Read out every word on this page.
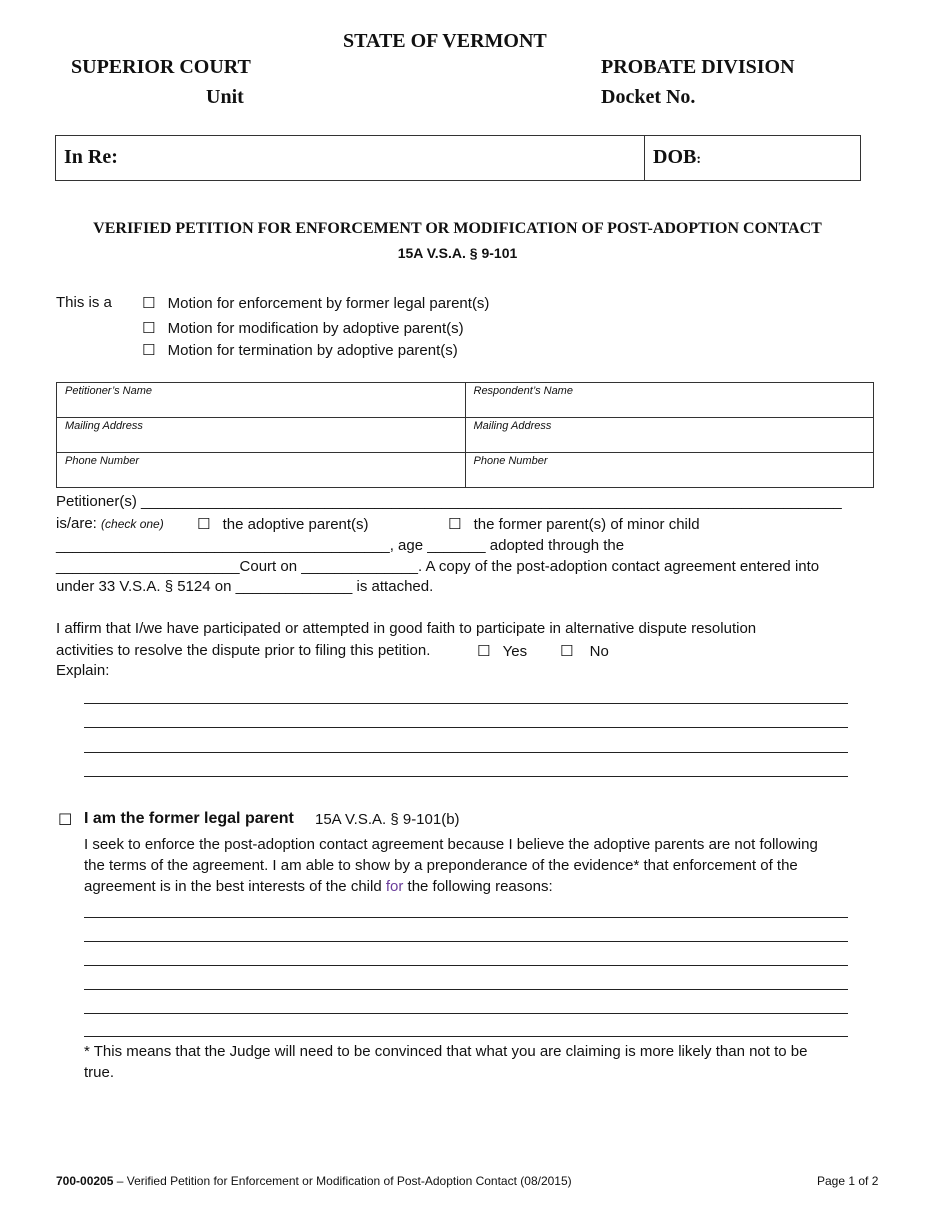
STATE OF VERMONT
SUPERIOR COURT
Unit
PROBATE DIVISION
Docket No.
In Re:	DOB:
VERIFIED PETITION FOR ENFORCEMENT OR MODIFICATION OF POST-ADOPTION CONTACT
15A V.S.A. § 9-101
This is a ☐ Motion for enforcement by former legal parent(s)
☐ Motion for modification by adoptive parent(s)
☐ Motion for termination by adoptive parent(s)
Petitioner’s Name	Respondent’s Name
Mailing Address	Mailing Address
Phone Number	Phone Number
Petitioner(s) ____________________________________________________________________________________
is/are: (check one) ☐ the adoptive parent(s)	☐ the former parent(s) of minor child
________________________________________, age _______ adopted through the
______________________Court on ______________. A copy of the post-adoption contact agreement entered into
under 33 V.S.A. § 5124 on ______________ is attached.
I affirm that I/we have participated or attempted in good faith to participate in alternative dispute resolution
activities to resolve the dispute prior to filing this petition.	☐ Yes ☐ No
Explain:
☐ I am the former legal parent 15A V.S.A. § 9-101(b)
I seek to enforce the post-adoption contact agreement because I believe the adoptive parents are not following
the terms of the agreement. I am able to show by a preponderance of the evidence* that enforcement of the
agreement is in the best interests of the child for the following reasons:
* This means that the Judge will need to be convinced that what you are claiming is more likely than not to be
true.
700-00205 – Verified Petition for Enforcement or Modification of Post-Adoption Contact (08/2015)	Page 1 of 2
